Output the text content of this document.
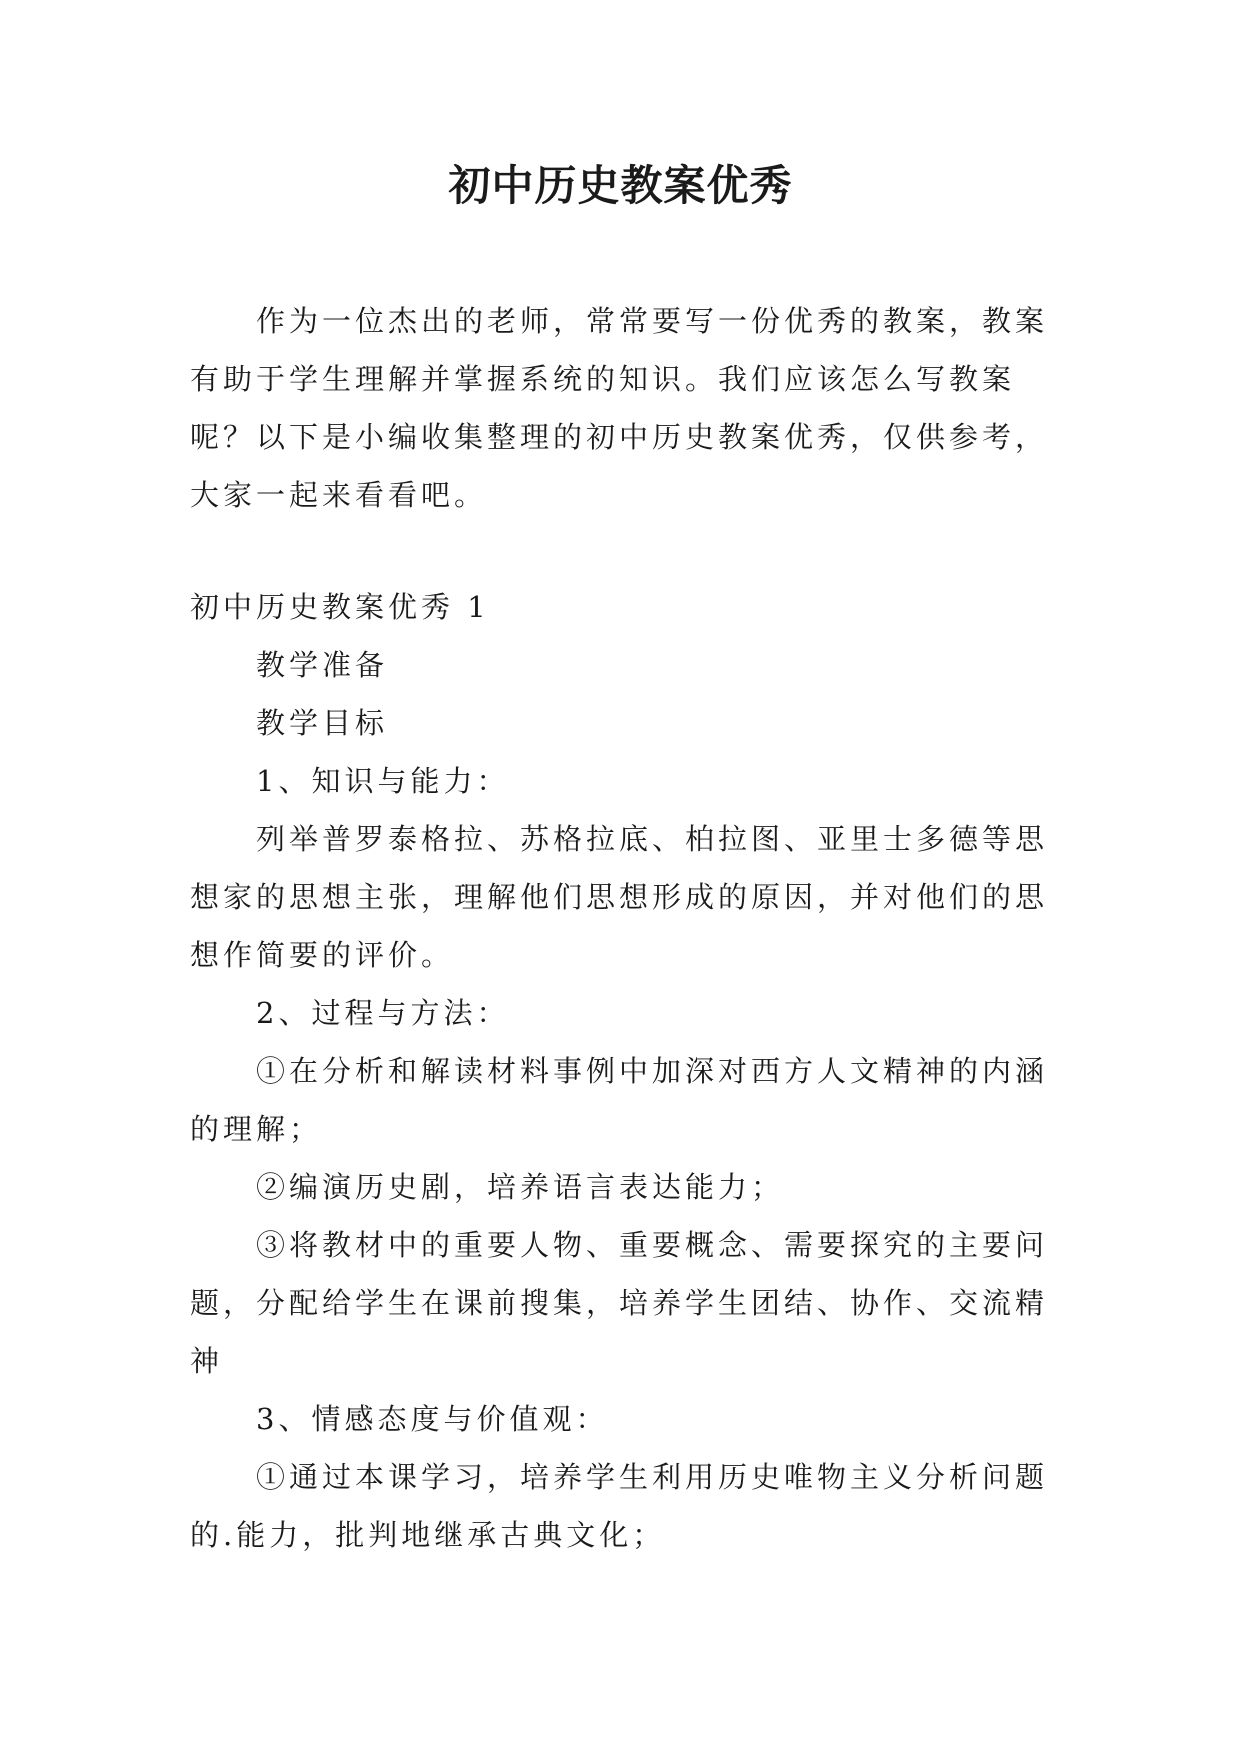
初中历史教案优秀

作为一位杰出的老师，常常要写一份优秀的教案，教案有助于学生理解并掌握系统的知识。我们应该怎么写教案呢？以下是小编收集整理的初中历史教案优秀，仅供参考，大家一起来看看吧。

初中历史教案优秀 1

教学准备

教学目标

1、知识与能力：

列举普罗泰格拉、苏格拉底、柏拉图、亚里士多德等思想家的思想主张，理解他们思想形成的原因，并对他们的思想作简要的评价。

2、过程与方法：

①在分析和解读材料事例中加深对西方人文精神的内涵的理解；

②编演历史剧，培养语言表达能力；

③将教材中的重要人物、重要概念、需要探究的主要问题，分配给学生在课前搜集，培养学生团结、协作、交流精神

3、情感态度与价值观：

①通过本课学习，培养学生利用历史唯物主义分析问题的.能力，批判地继承古典文化；
